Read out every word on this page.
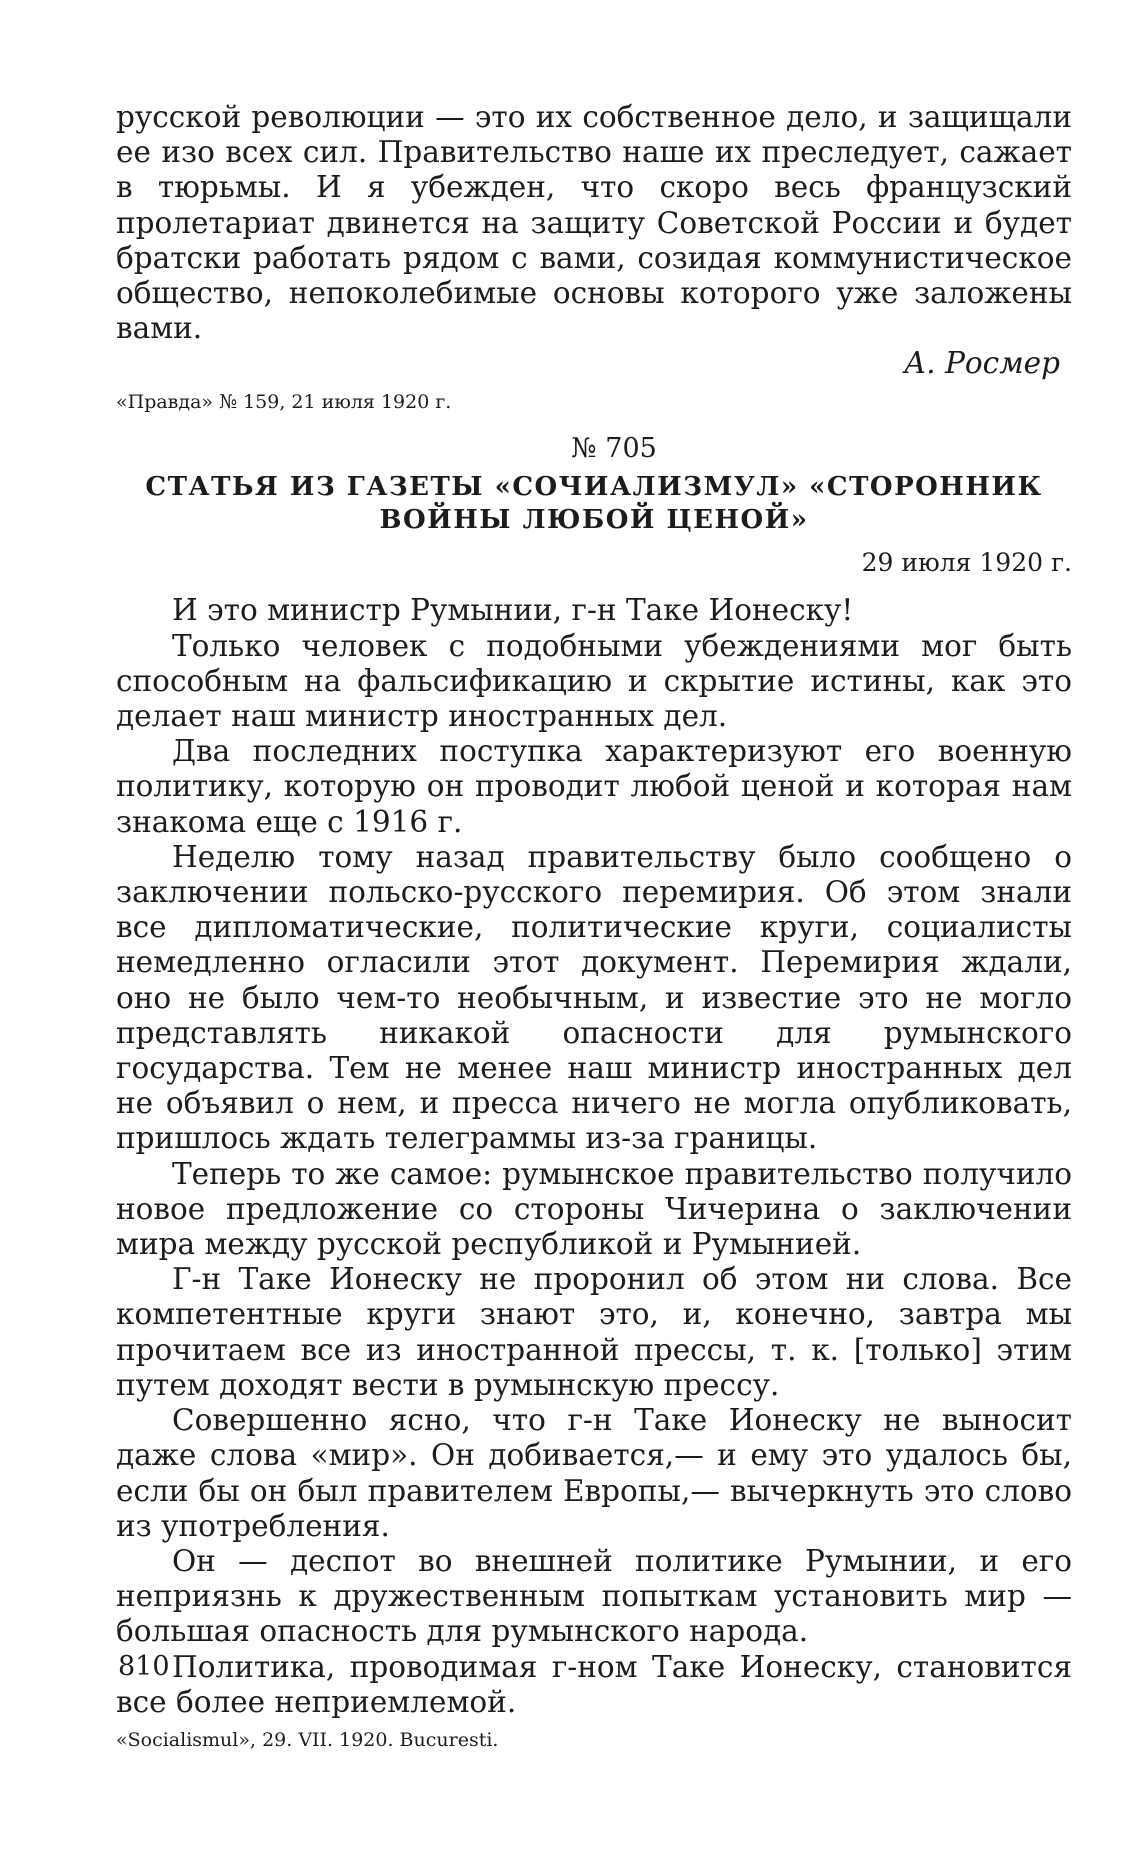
русской революции — это их собственное дело, и защищали ее изо всех сил. Правительство наше их преследует, сажает в тюрьмы. И я убежден, что скоро весь французский пролетариат двинется на защиту Советской России и будет братски работать рядом с вами, созидая коммунистическое общество, непоколебимые основы которого уже заложены вами.

А. Росмер

«Правда» № 159, 21 июля 1920 г.

№ 705

СТАТЬЯ ИЗ ГАЗЕТЫ «СОЧИАЛИЗМУЛ» «СТОРОННИК ВОЙНЫ ЛЮБОЙ ЦЕНОЙ»

29 июля 1920 г.

И это министр Румынии, г-н Таке Ионеску!

Только человек с подобными убеждениями мог быть способным на фальсификацию и скрытие истины, как это делает наш министр иностранных дел.

Два последних поступка характеризуют его военную политику, которую он проводит любой ценой и которая нам знакома еще с 1916 г.

Неделю тому назад правительству было сообщено о заключении польско-русского перемирия. Об этом знали все дипломатические, политические круги, социалисты немедленно огласили этот документ. Перемирия ждали, оно не было чем-то необычным, и известие это не могло представлять никакой опасности для румынского государства. Тем не менее наш министр иностранных дел не объявил о нем, и пресса ничего не могла опубликовать, пришлось ждать телеграммы из-за границы.

Теперь то же самое: румынское правительство получило новое предложение со стороны Чичерина о заключении мира между русской республикой и Румынией.

Г-н Таке Ионеску не проронил об этом ни слова. Все компетентные круги знают это, и, конечно, завтра мы прочитаем все из иностранной прессы, т. к. [только] этим путем доходят вести в румынскую прессу.

Совершенно ясно, что г-н Таке Ионеску не выносит даже слова «мир». Он добивается,— и ему это удалось бы, если бы он был правителем Европы,— вычеркнуть это слово из употребления.

Он — деспот во внешней политике Румынии, и его неприязнь к дружественным попыткам установить мир — большая опасность для румынского народа.

Политика, проводимая г-ном Таке Ионеску, становится все более неприемлемой.

«Socialismul», 29. VII. 1920. Bucuresti.

810
